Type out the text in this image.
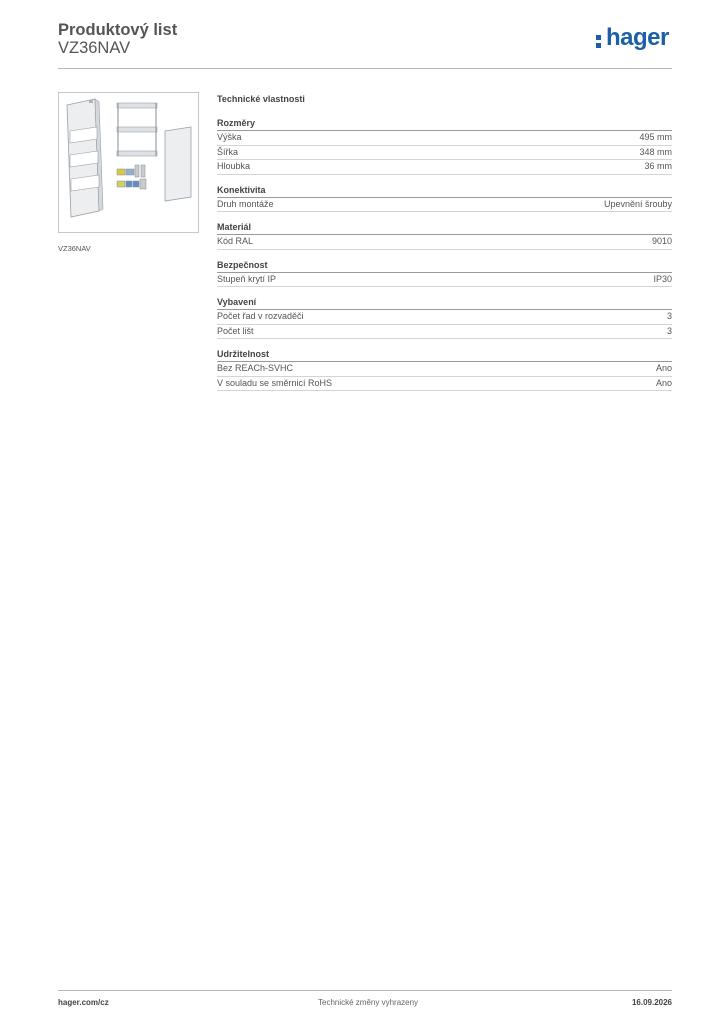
Produktový list
VZ36NAV	hager
VZ36NAV
Technické vlastnosti
Rozměry
Výška	495 mm
Šířka	348 mm
Hloubka	36 mm
Konektivita
Druh montáže	Upevnění šrouby
Materiál
Kód RAL	9010
Bezpečnost
Stupeň krytí IP	IP30
Vybavení
Počet řad v rozvaděči	3
Počet lišt	3
Udržitelnost
Bez REACh-SVHC	Ano
V souladu se směrnicí RoHS	Ano
hager.com/cz	Technické změny vyhrazeny	16.09.2026
